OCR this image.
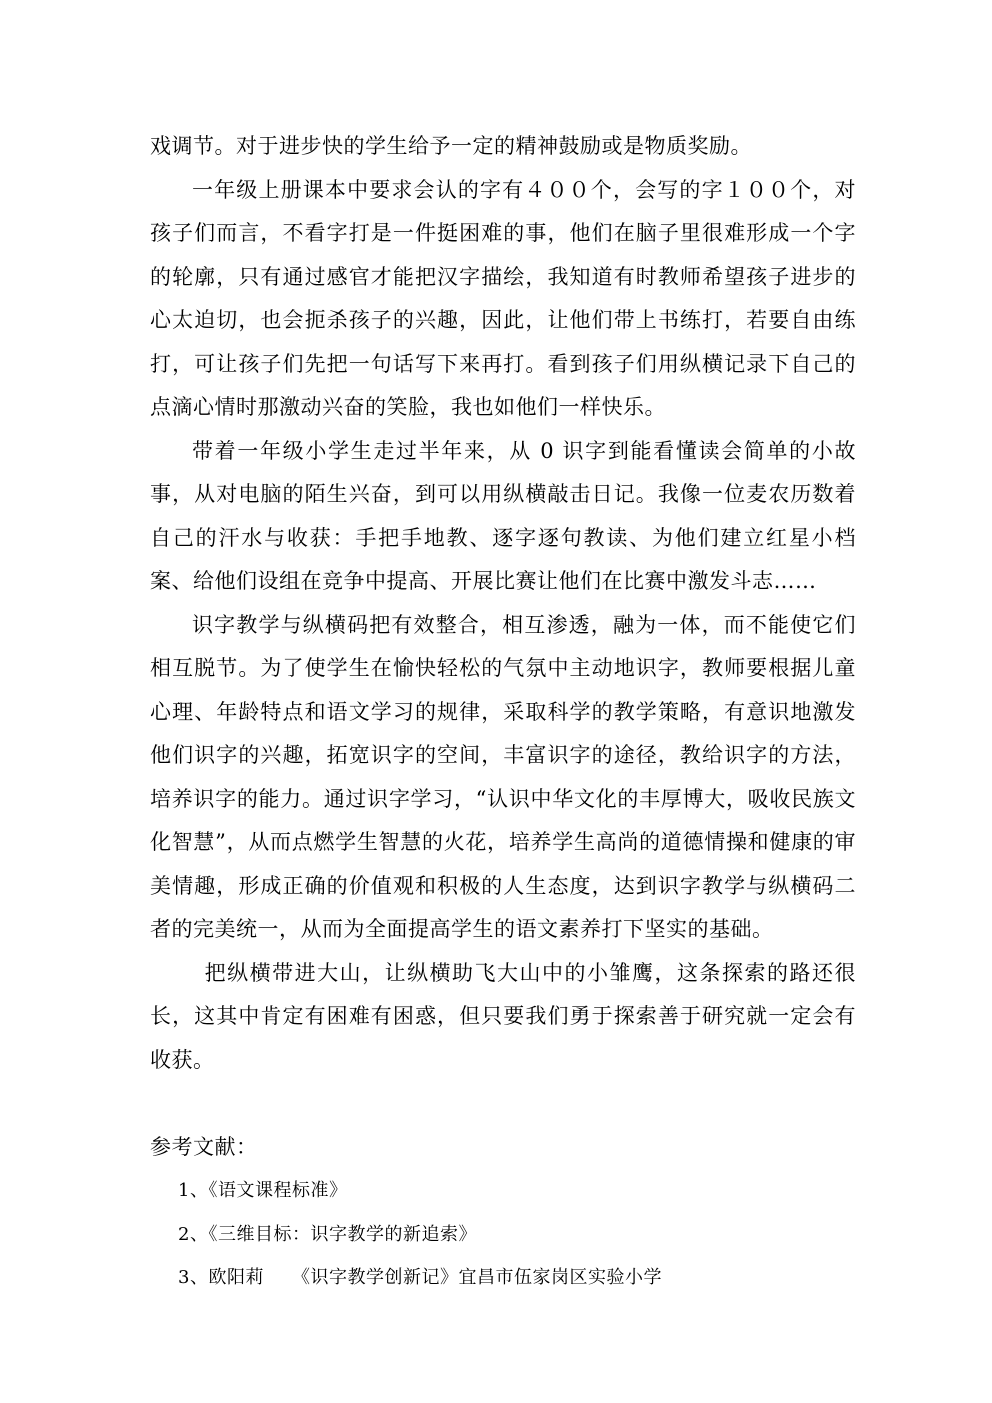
戏调节。对于进步快的学生给予一定的精神鼓励或是物质奖励。

一年级上册课本中要求会认的字有４００个，会写的字１００个，对孩子们而言，不看字打是一件挺困难的事，他们在脑子里很难形成一个字的轮廓，只有通过感官才能把汉字描绘，我知道有时教师希望孩子进步的心太迫切，也会扼杀孩子的兴趣，因此，让他们带上书练打，若要自由练打，可让孩子们先把一句话写下来再打。看到孩子们用纵横记录下自己的点滴心情时那激动兴奋的笑脸，我也如他们一样快乐。

带着一年级小学生走过半年来，从 0 识字到能看懂读会简单的小故事，从对电脑的陌生兴奋，到可以用纵横敲击日记。我像一位麦农历数着自己的汗水与收获：手把手地教、逐字逐句教读、为他们建立红星小档案、给他们设组在竞争中提高、开展比赛让他们在比赛中激发斗志……

识字教学与纵横码把有效整合，相互渗透，融为一体，而不能使它们相互脱节。为了使学生在愉快轻松的气氛中主动地识字，教师要根据儿童心理、年龄特点和语文学习的规律，采取科学的教学策略，有意识地激发他们识字的兴趣，拓宽识字的空间，丰富识字的途径，教给识字的方法，培养识字的能力。通过识字学习，“认识中华文化的丰厚博大，吸收民族文化智慧”，从而点燃学生智慧的火花，培养学生高尚的道德情操和健康的审美情趣，形成正确的价值观和积极的人生态度，达到识字教学与纵横码二者的完美统一，从而为全面提高学生的语文素养打下坚实的基础。

把纵横带进大山，让纵横助飞大山中的小雏鹰，这条探索的路还很长，这其中肯定有困难有困惑，但只要我们勇于探索善于研究就一定会有收获。

参考文献：

1、《语文课程标准》

2、《三维目标：识字教学的新追索》

3、欧阳莉　　《识字教学创新记》宜昌市伍家岗区实验小学
